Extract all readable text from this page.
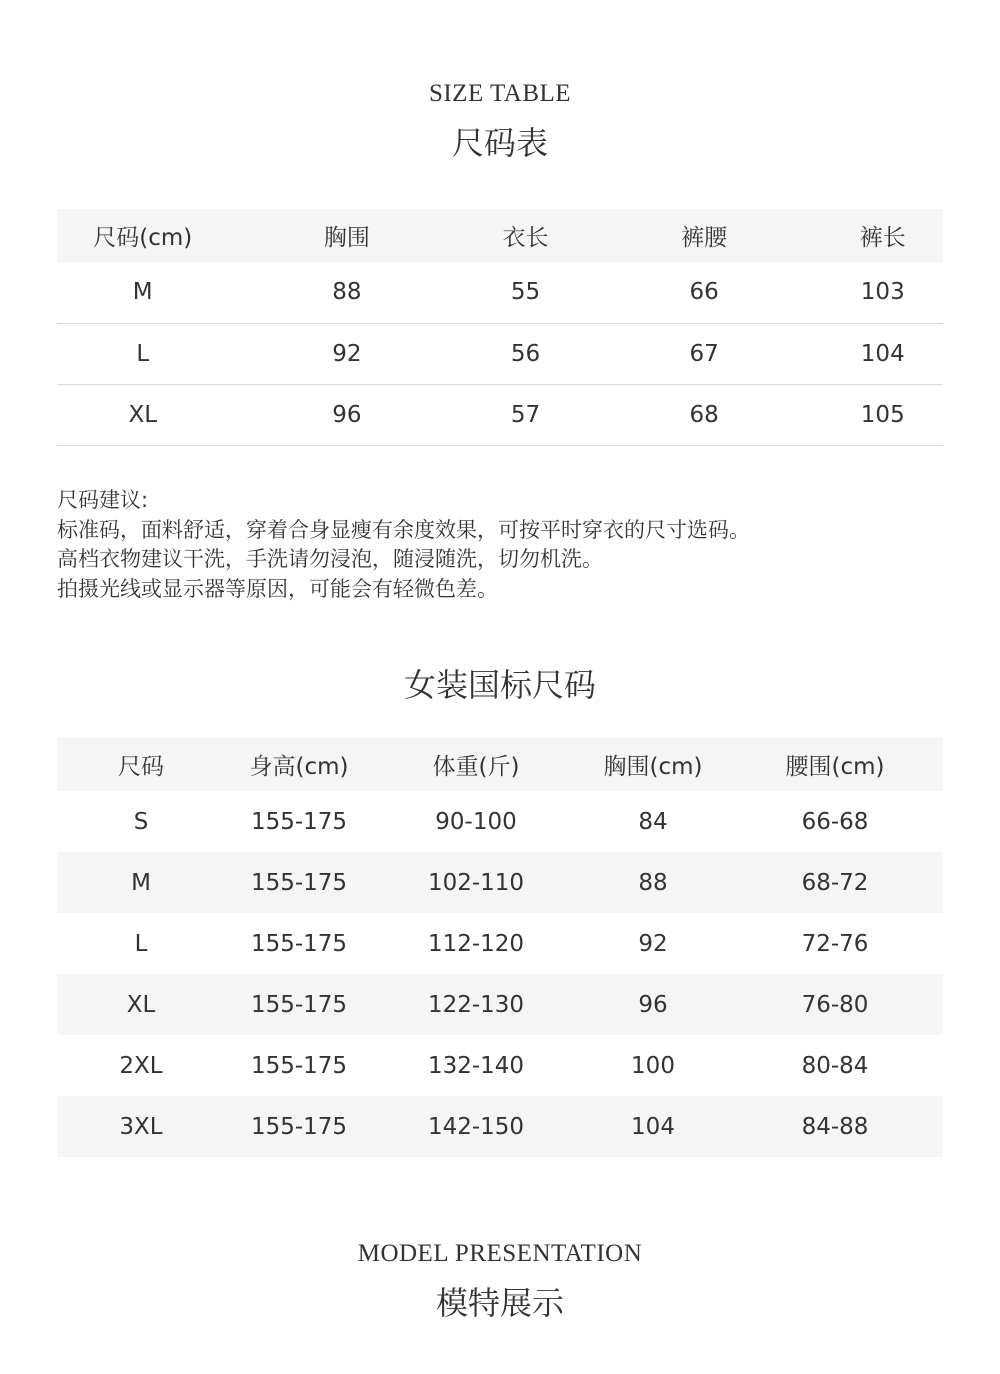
SIZE TABLE
尺码表
尺码(cm)	胸围	衣长	裤腰	裤长
M	88	55	66	103
L	92	56	67	104
XL	96	57	68	105
尺码建议:
标准码，面料舒适，穿着合身显瘦有余度效果，可按平时穿衣的尺寸选码。
高档衣物建议干洗，手洗请勿浸泡，随浸随洗，切勿机洗。
拍摄光线或显示器等原因，可能会有轻微色差。
女装国标尺码
尺码	身高(cm)	体重(斤)	胸围(cm)	腰围(cm)
S	155-175	90-100	84	66-68
M	155-175	102-110	88	68-72
L	155-175	112-120	92	72-76
XL	155-175	122-130	96	76-80
2XL	155-175	132-140	100	80-84
3XL	155-175	142-150	104	84-88
MODEL PRESENTATION
模特展示
